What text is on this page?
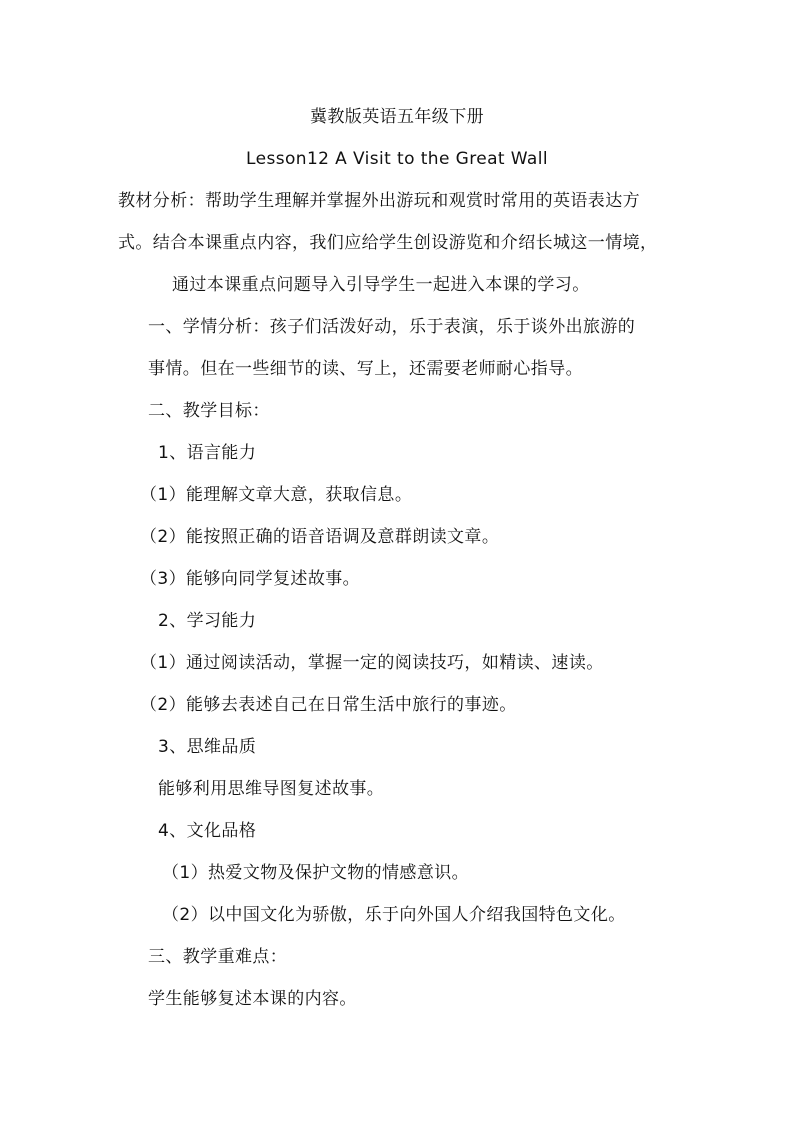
冀教版英语五年级下册
Lesson12 A Visit to the Great Wall
教材分析：帮助学生理解并掌握外出游玩和观赏时常用的英语表达方
式。结合本课重点内容，我们应给学生创设游览和介绍长城这一情境，
通过本课重点问题导入引导学生一起进入本课的学习。
一、学情分析：孩子们活泼好动，乐于表演，乐于谈外出旅游的
事情。但在一些细节的读、写上，还需要老师耐心指导。
二、教学目标：
1、语言能力
（1）能理解文章大意，获取信息。
（2）能按照正确的语音语调及意群朗读文章。
（3）能够向同学复述故事。
2、学习能力
（1）通过阅读活动，掌握一定的阅读技巧，如精读、速读。
（2）能够去表述自己在日常生活中旅行的事迹。
3、思维品质
能够利用思维导图复述故事。
4、文化品格
（1）热爱文物及保护文物的情感意识。
（2）以中国文化为骄傲，乐于向外国人介绍我国特色文化。
三、教学重难点：
学生能够复述本课的内容。
